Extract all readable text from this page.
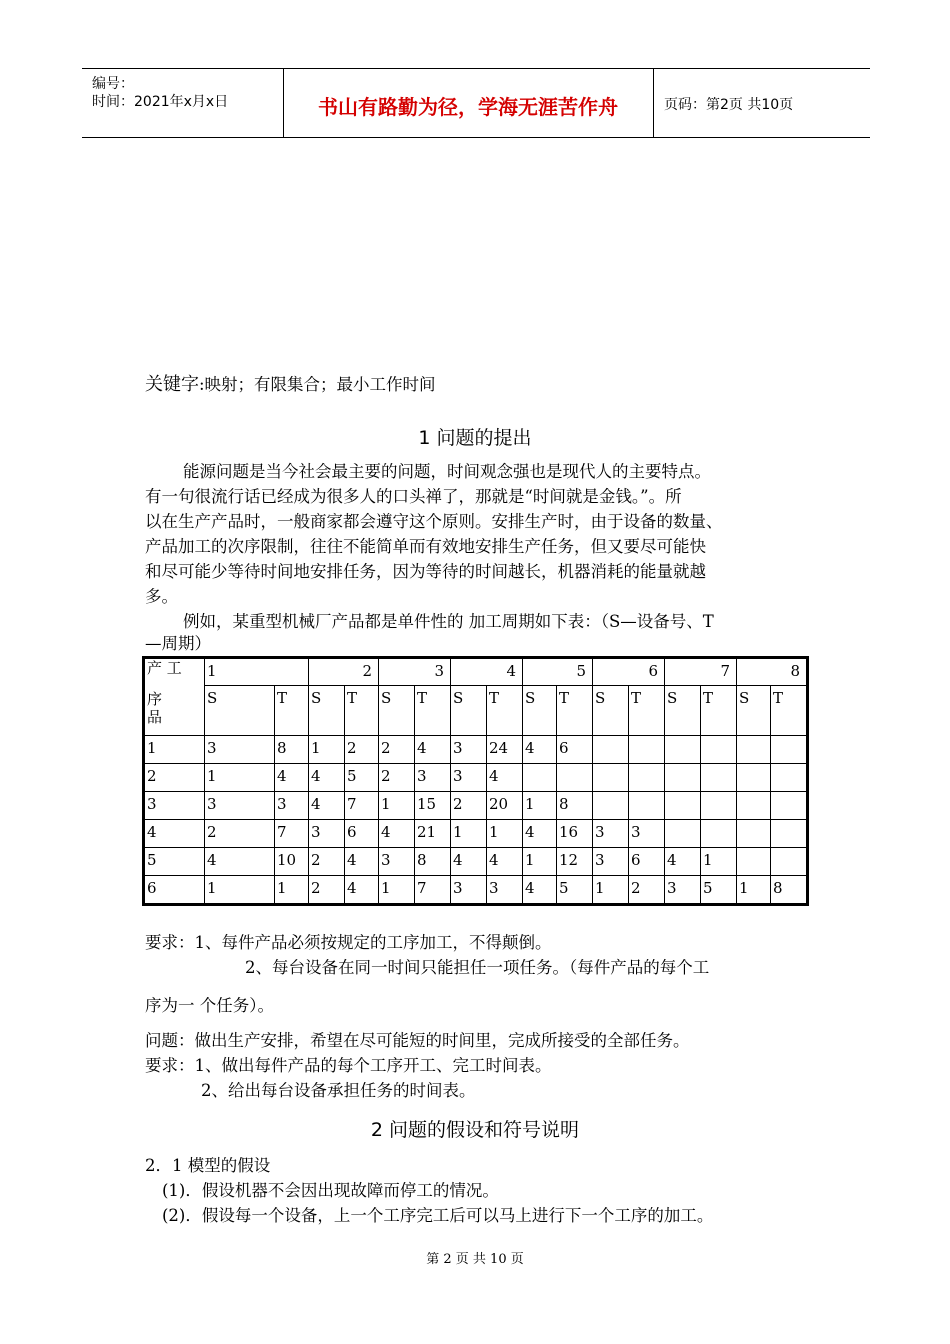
编号：
时间：2021年x月x日	书山有路勤为径，学海无涯苦作舟	页码：第2页 共10页
关键字:映射；有限集合；最小工作时间
1 问题的提出
能源问题是当今社会最主要的问题，时间观念强也是现代人的主要特点。
有一句很流行话已经成为很多人的口头禅了，那就是“时间就是金钱。”。所
以在生产产品时，一般商家都会遵守这个原则。安排生产时，由于设备的数量、
产品加工的次序限制，往往不能简单而有效地安排生产任务，但又要尽可能快
和尽可能少等待时间地安排任务，因为等待的时间越长，机器消耗的能量就越
多。
例如，某重型机械厂产品都是单件性的 加工周期如下表：（S—设备号、T
—周期）
产 工	1		2		3		4		5		6		7		8	

序
品	S	T	S	T	S	T	S	T	S	T	S	T	S	T	S	T
1	3	8	1	2	2	4	3	24	4	6						
2	1	4	4	5	2	3	3	4								
3	3	3	4	7	1	15	2	20	1	8						
4	2	7	3	6	4	21	1	1	4	16	3	3				
5	4	10	2	4	3	8	4	4	1	12	3	6	4	1		
6	1	1	2	4	1	7	3	3	4	5	1	2	3	5	1	8
要求：1、每件产品必须按规定的工序加工，不得颠倒。
2、每台设备在同一时间只能担任一项任务。（每件产品的每个工
序为一 个任务）。
问题：做出生产安排，希望在尽可能短的时间里，完成所接受的全部任务。
要求：1、做出每件产品的每个工序开工、完工时间表。
2、给出每台设备承担任务的时间表。
2 问题的假设和符号说明
2．1 模型的假设
(1)．假设机器不会因出现故障而停工的情况。
(2)．假设每一个设备，上一个工序完工后可以马上进行下一个工序的加工。
第 2 页 共 10 页
